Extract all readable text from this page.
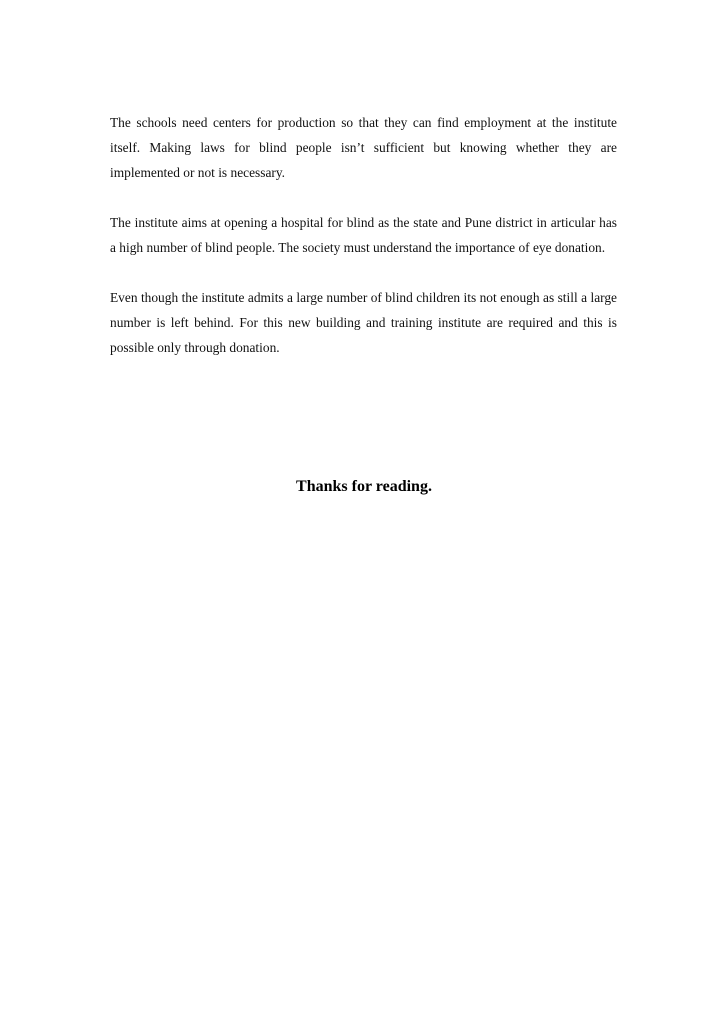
The schools need centers for production so that they can find employment at the institute itself. Making laws for blind people isn’t sufficient but knowing whether they are implemented or not is necessary.

The institute aims at opening a hospital for blind as the state and Pune district in articular has a high number of blind people. The society must understand the importance of eye donation.

Even though the institute admits a large number of blind children its not enough as still a large number is left behind. For this new building and training institute are required and this is possible only through donation.

Thanks for reading.
